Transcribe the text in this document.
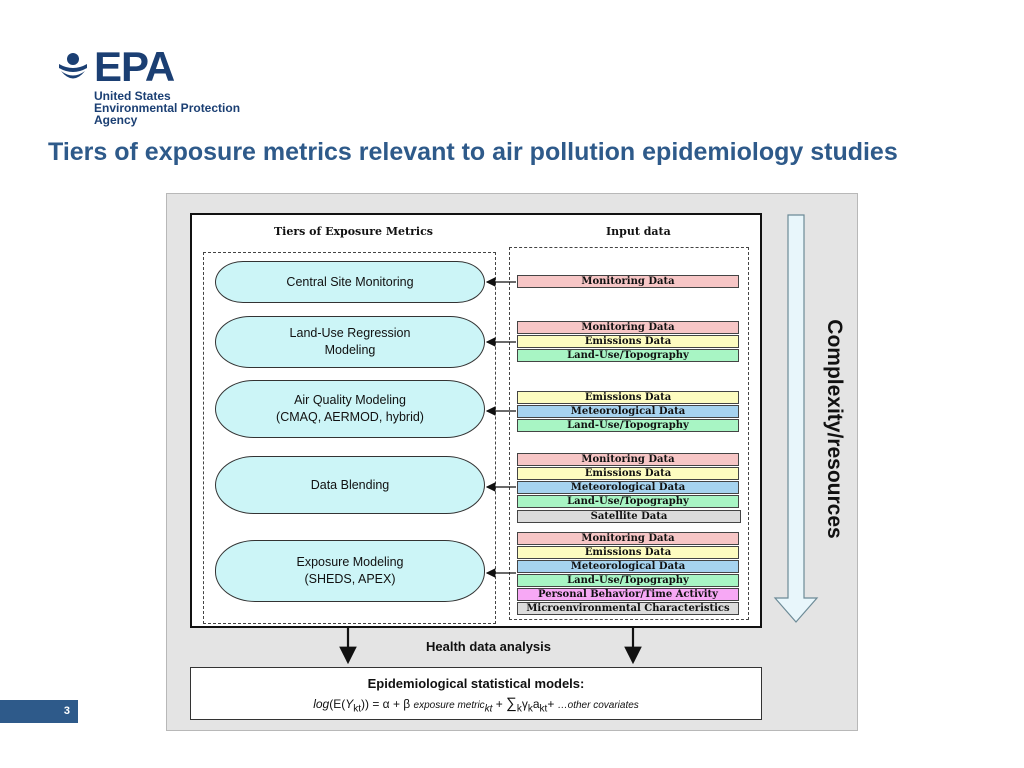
EPA
United States
Environmental Protection
Agency
Tiers of exposure metrics relevant to air pollution epidemiology studies
Tiers of Exposure Metrics	Input data
Central Site Monitoring
Land-Use Regression
Modeling
Air Quality Modeling
(CMAQ, AERMOD, hybrid)
Data Blending
Exposure Modeling
(SHEDS, APEX)
Monitoring Data
Monitoring Data
Emissions Data
Land-Use/Topography
Emissions Data
Meteorological Data
Land-Use/Topography
Monitoring Data
Emissions Data
Meteorological Data
Land-Use/Topography
Satellite Data
Monitoring Data
Emissions Data
Meteorological Data
Land-Use/Topography
Personal Behavior/Time Activity
Microenvironmental Characteristics
Complexity/resources
Health data analysis
Epidemiological statistical models:
$\log(E(Y_{kt})) = \alpha + \beta$ exposure metric$_{kt}$ + $\sum_k\gamma_ka_{kt}+$ …other covariates
3
